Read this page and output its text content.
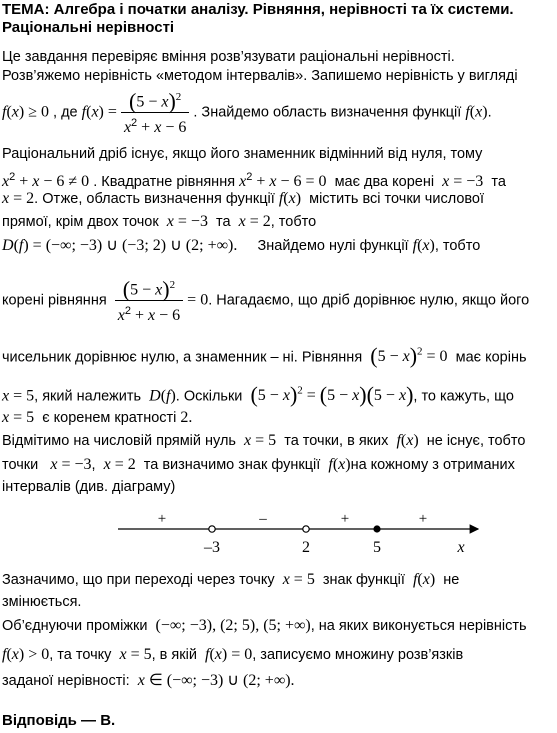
ТЕМА: Алгебра і початки аналізу. Рівняння, нерівності та їх системи. Раціональні нерівності
Це завдання перевіряє вміння розв’язувати раціональні нерівності.
Розв’яжемо нерівність «методом інтервалів». Запишемо нерівність у вигляді
f(x) ≥ 0 , де $f(x) = \frac{(5 - x)^2}{x^2 + x - 6}$ . Знайдемо область визначення функції f(x).
Раціональний дріб існує, якщо його знаменник відмінний від нуля, тому
$x^2 + x - 6 \ne 0$ . Квадратне рівняння $x^2 + x - 6 = 0$ має два корені x = −3 та
x = 2. Отже, область визначення функції f(x) містить всі точки числової
прямої, крім двох точок x = −3 та x = 2, тобто
D(f) = (−∞; −3) ∪ (−3; 2) ∪ (2; +∞). Знайдемо нулі функції f(x), тобто
корені рівняння $\frac{(5 - x)^2}{x^2 + x - 6} = 0$. Нагадаємо, що дріб дорівнює нулю, якщо його
чисельник дорівнює нулю, а знаменник – ні. Рівняння $(5 - x)^2 = 0$ має корінь
x = 5, який належить D(f). Оскільки $(5 - x)^2 = (5 - x)(5 - x)$, то кажуть, що
x = 5 є коренем кратності 2.
Відмітимо на числовій прямій нуль x = 5 та точки, в яких f(x) не існує, тобто
точки x = −3,  x = 2 та визначимо знак функції f(x)на кожному з отриманих
інтервалів (див. діаграму)
+	–	+	+
–3	2	5	x
Зазначимо, що при переході через точку x = 5 знак функції f(x) не
змінюється.
Об’єднуючи проміжки (−∞; −3), (2; 5), (5; +∞), на яких виконується нерівність
f(x) > 0, та точку x = 5, в якій f(x) = 0, записуємо множину розв’язків
заданої нерівності: x ∈ (−∞; −3) ∪ (2; +∞).
Відповідь — В.
